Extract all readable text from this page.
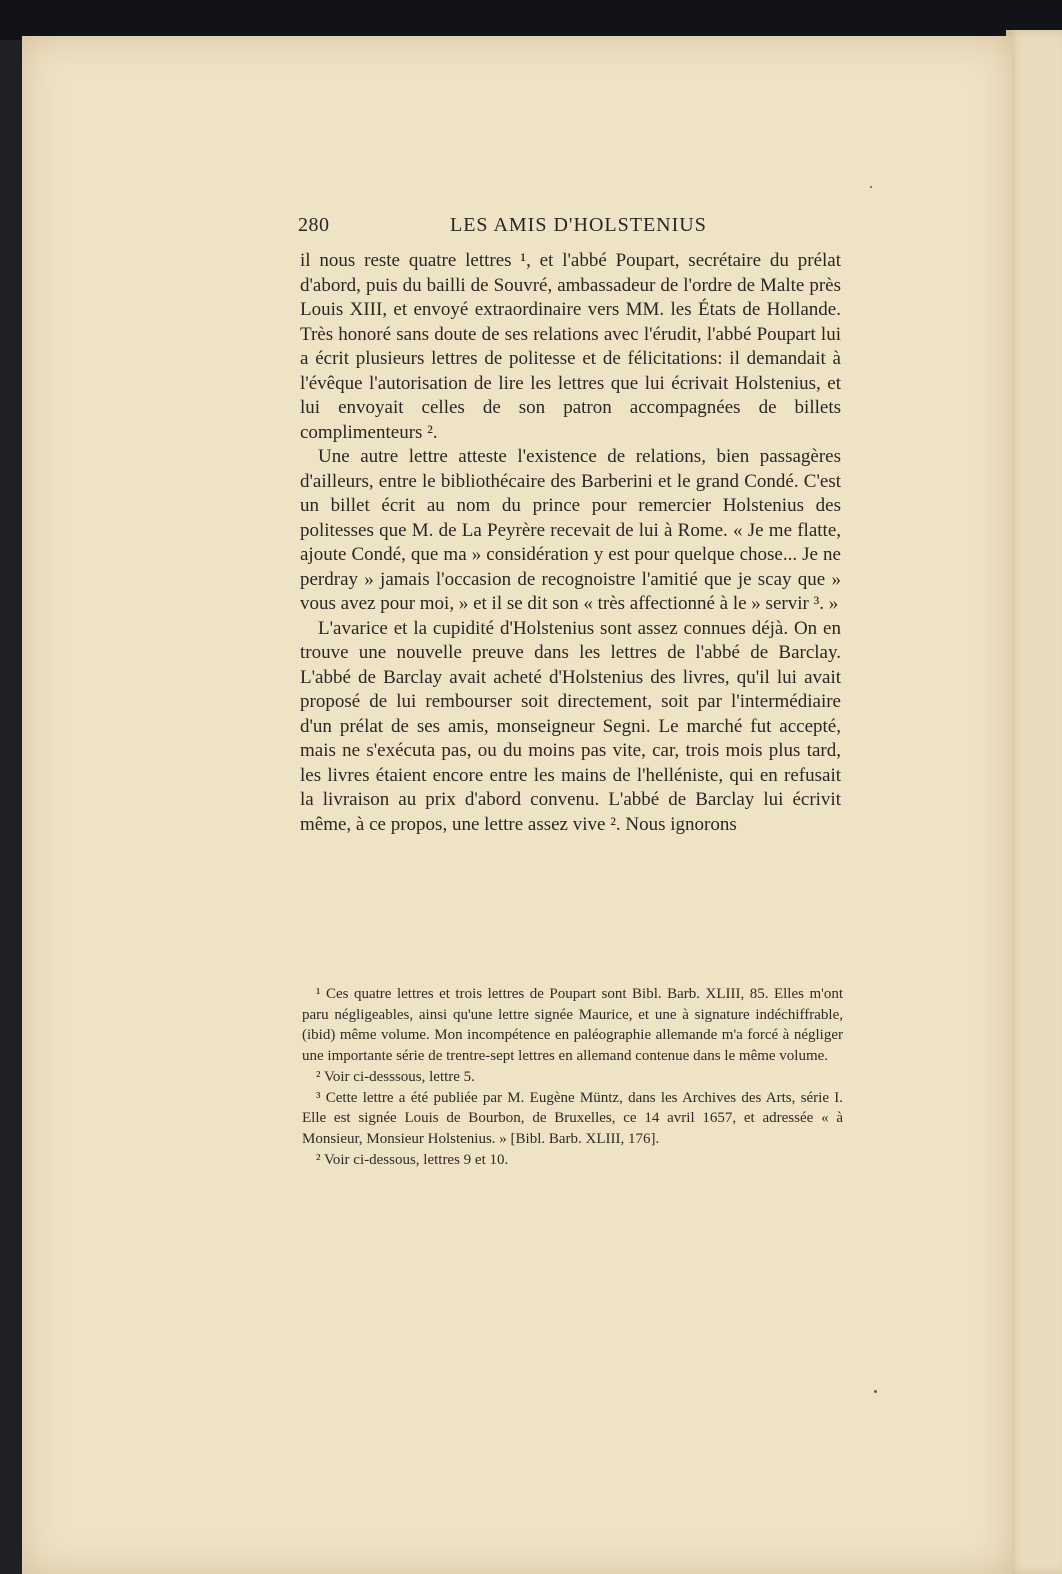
280	LES AMIS D'HOLSTENIUS

il nous reste quatre lettres ¹, et l'abbé Poupart, secrétaire du prélat d'abord, puis du bailli de Souvré, ambassadeur de l'ordre de Malte près Louis XIII, et envoyé extraordinaire vers MM. les États de Hollande. Très honoré sans doute de ses relations avec l'érudit, l'abbé Poupart lui a écrit plusieurs lettres de politesse et de félicitations: il demandait à l'évêque l'autorisation de lire les lettres que lui écrivait Holstenius, et lui envoyait celles de son patron accompagnées de billets complimenteurs ².

Une autre lettre atteste l'existence de relations, bien passagères d'ailleurs, entre le bibliothécaire des Barberini et le grand Condé. C'est un billet écrit au nom du prince pour remercier Holstenius des politesses que M. de La Peyrère recevait de lui à Rome. « Je me flatte, ajoute Condé, que ma » considération y est pour quelque chose... Je ne perdray » jamais l'occasion de recognoistre l'amitié que je scay que » vous avez pour moi, » et il se dit son « très affectionné à le » servir ³. »

L'avarice et la cupidité d'Holstenius sont assez connues déjà. On en trouve une nouvelle preuve dans les lettres de l'abbé de Barclay. L'abbé de Barclay avait acheté d'Holstenius des livres, qu'il lui avait proposé de lui rembourser soit directement, soit par l'intermédiaire d'un prélat de ses amis, monseigneur Segni. Le marché fut accepté, mais ne s'exécuta pas, ou du moins pas vite, car, trois mois plus tard, les livres étaient encore entre les mains de l'helléniste, qui en refusait la livraison au prix d'abord convenu. L'abbé de Barclay lui écrivit même, à ce propos, une lettre assez vive ². Nous ignorons

¹ Ces quatre lettres et trois lettres de Poupart sont Bibl. Barb. XLIII, 85. Elles m'ont paru négligeables, ainsi qu'une lettre signée Maurice, et une à signature indéchiffrable, (ibid) même volume. Mon incompétence en paléographie allemande m'a forcé à négliger une importante série de trentre-sept lettres en allemand contenue dans le même volume.

² Voir ci-desssous, lettre 5.

³ Cette lettre a été publiée par M. Eugène Müntz, dans les Archives des Arts, série I. Elle est signée Louis de Bourbon, de Bruxelles, ce 14 avril 1657, et adressée « à Monsieur, Monsieur Holstenius. » [Bibl. Barb. XLIII, 176].

² Voir ci-dessous, lettres 9 et 10.
